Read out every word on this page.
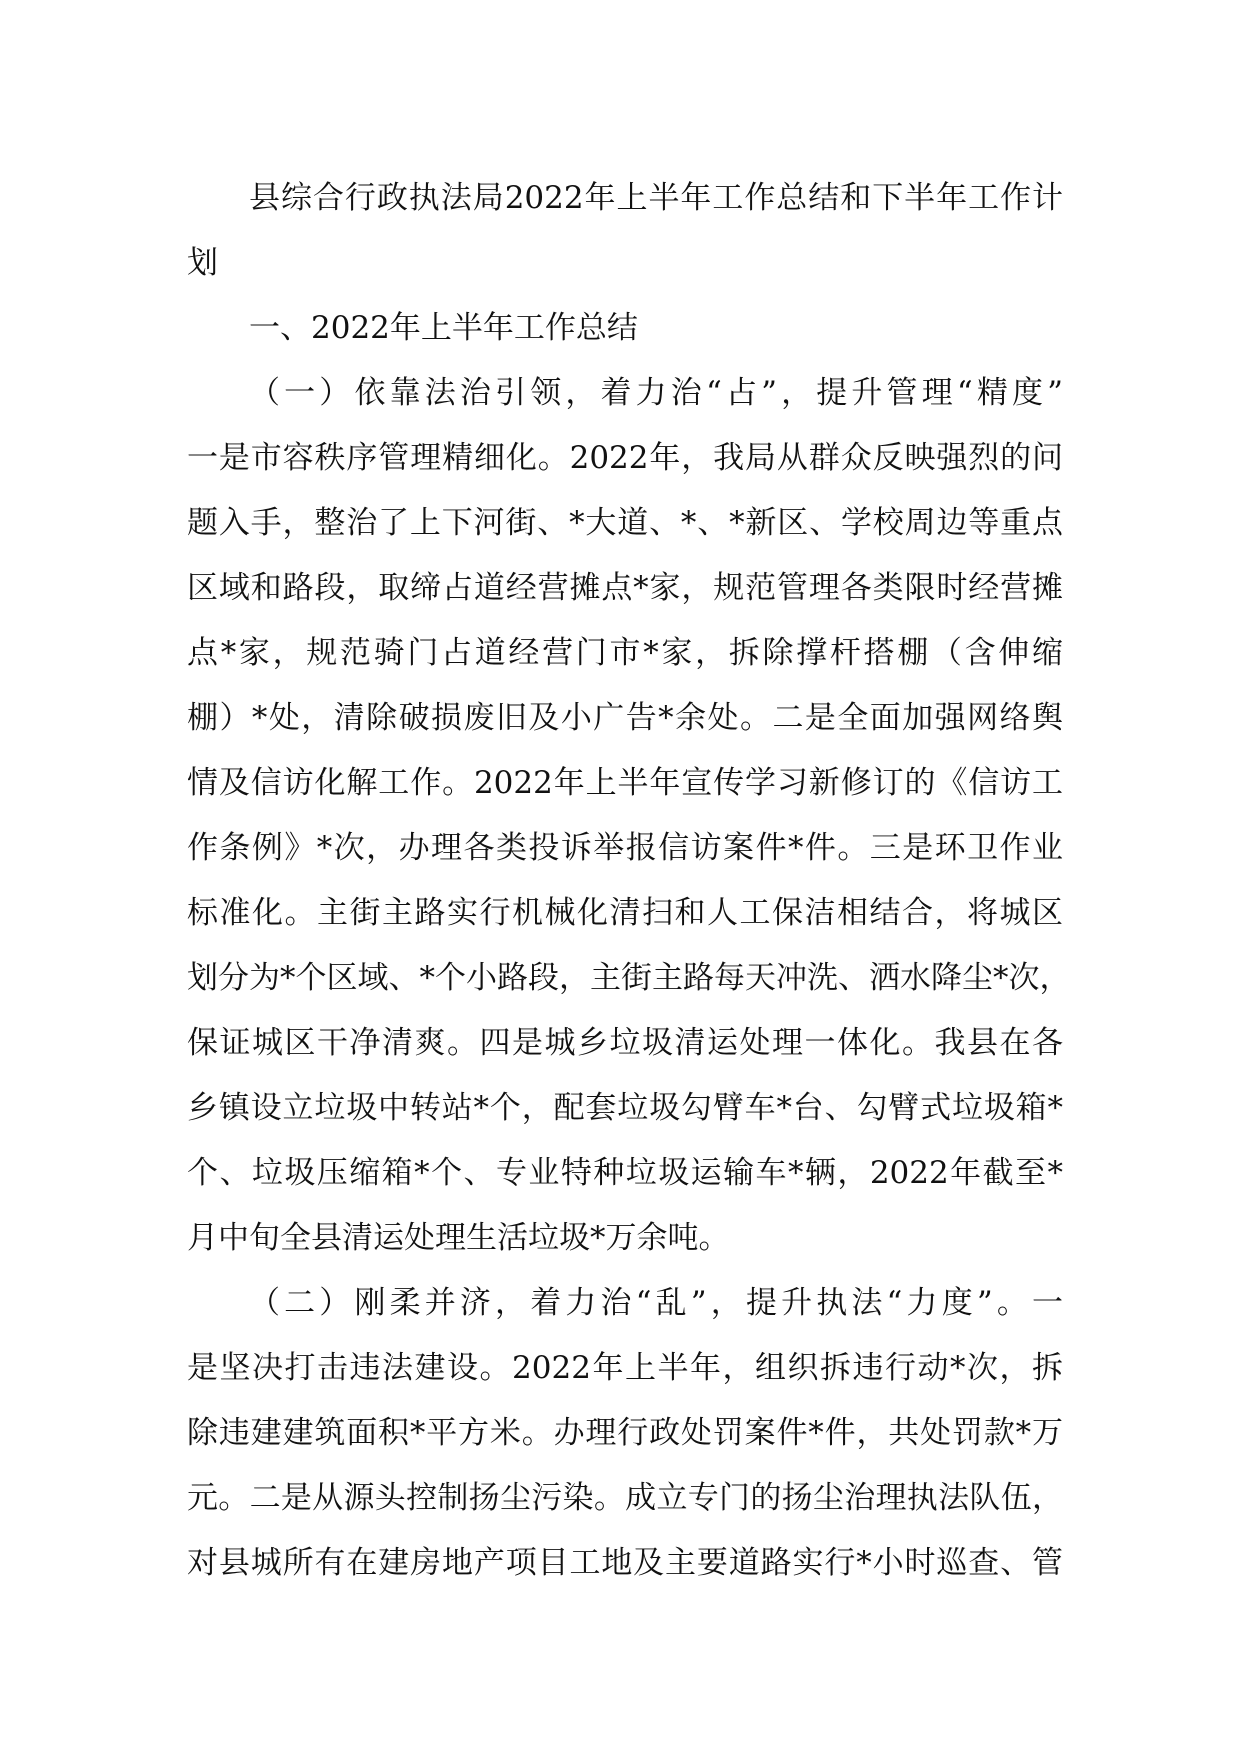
县综合行政执法局2022年上半年工作总结和下半年工作计
划
一、2022年上半年工作总结
（一）依靠法治引领，着力治“占”，提升管理“精度”
一是市容秩序管理精细化。2022年，我局从群众反映强烈的问
题入手，整治了上下河街、*大道、*、*新区、学校周边等重点
区域和路段，取缔占道经营摊点*家，规范管理各类限时经营摊
点*家，规范骑门占道经营门市*家，拆除撑杆搭棚（含伸缩
棚）*处，清除破损废旧及小广告*余处。二是全面加强网络舆
情及信访化解工作。2022年上半年宣传学习新修订的《信访工
作条例》*次，办理各类投诉举报信访案件*件。三是环卫作业
标准化。主街主路实行机械化清扫和人工保洁相结合，将城区
划分为*个区域、*个小路段，主街主路每天冲洗、洒水降尘*次，
保证城区干净清爽。四是城乡垃圾清运处理一体化。我县在各
乡镇设立垃圾中转站*个，配套垃圾勾臂车*台、勾臂式垃圾箱*
个、垃圾压缩箱*个、专业特种垃圾运输车*辆，2022年截至*
月中旬全县清运处理生活垃圾*万余吨。
（二）刚柔并济，着力治“乱”，提升执法“力度”。一
是坚决打击违法建设。2022年上半年，组织拆违行动*次，拆
除违建建筑面积*平方米。办理行政处罚案件*件，共处罚款*万
元。二是从源头控制扬尘污染。成立专门的扬尘治理执法队伍，
对县城所有在建房地产项目工地及主要道路实行*小时巡查、管
